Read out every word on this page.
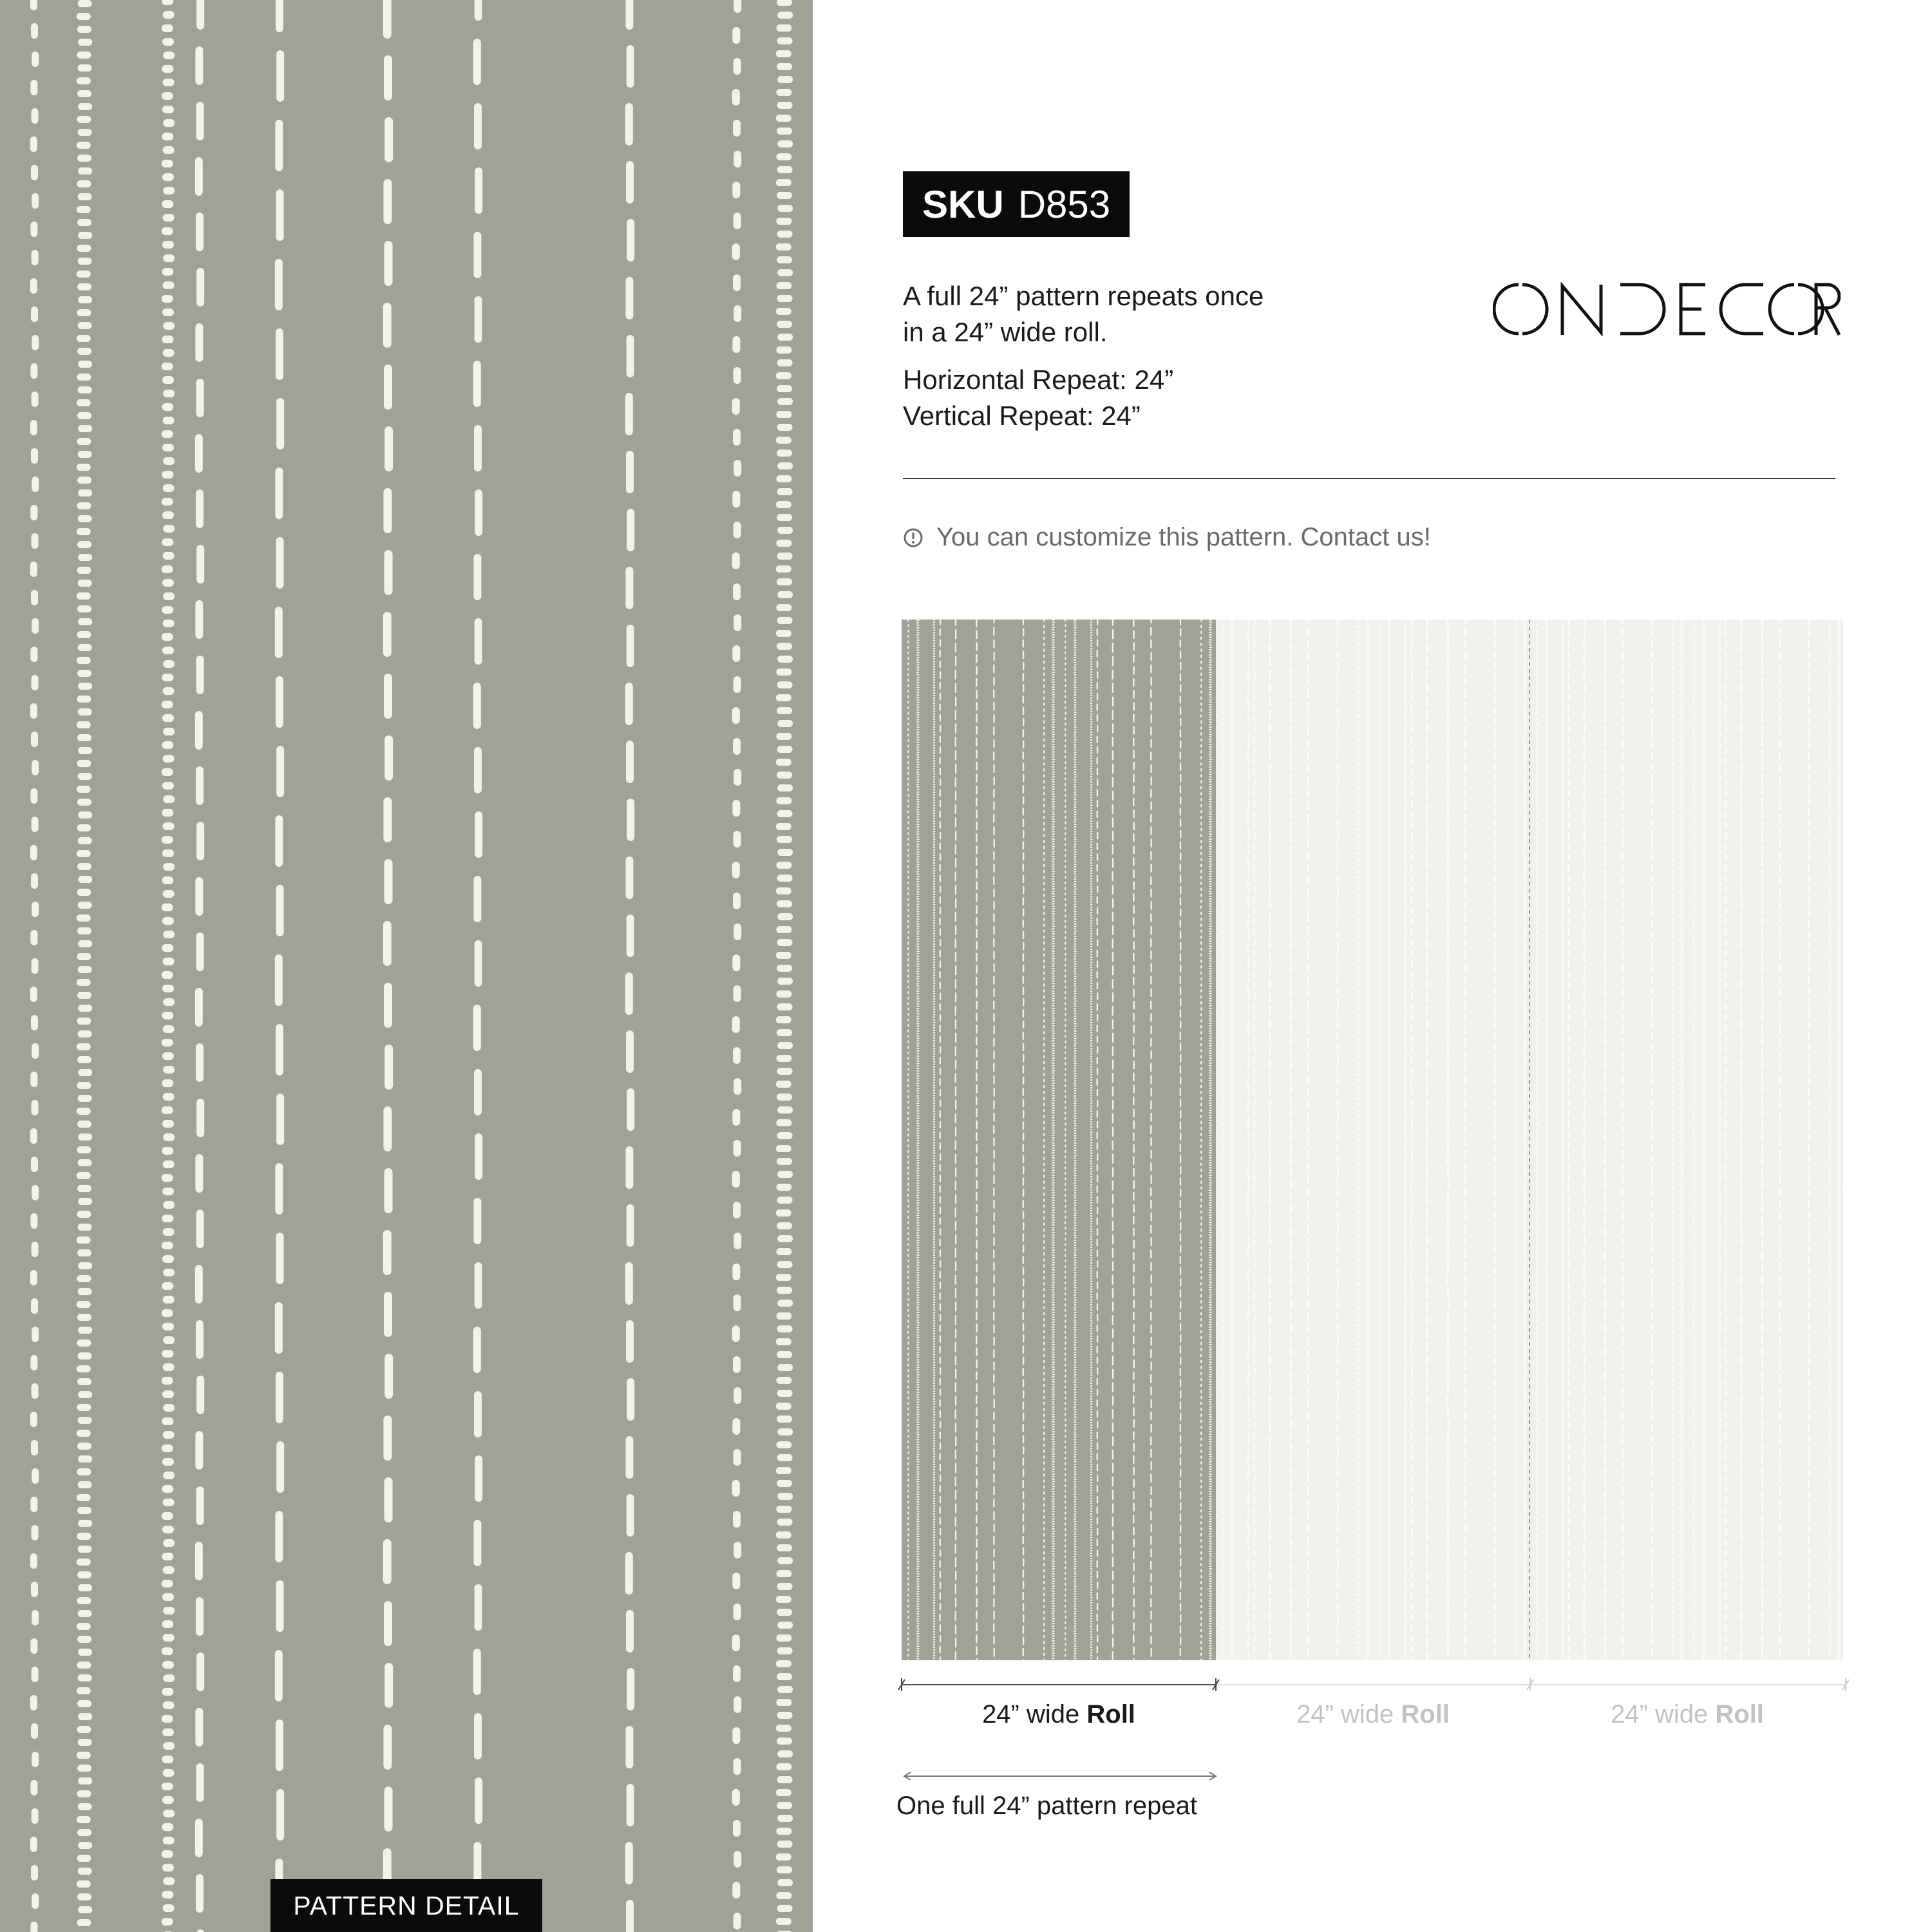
PATTERN DETAIL
SKU D853

A full 24” pattern repeats once

in a 24” wide roll.

Horizontal Repeat: 24”

Vertical Repeat: 24”

You can customize this pattern. Contact us!
24” wide Roll	24” wide Roll	24” wide Roll
One full 24” pattern repeat
